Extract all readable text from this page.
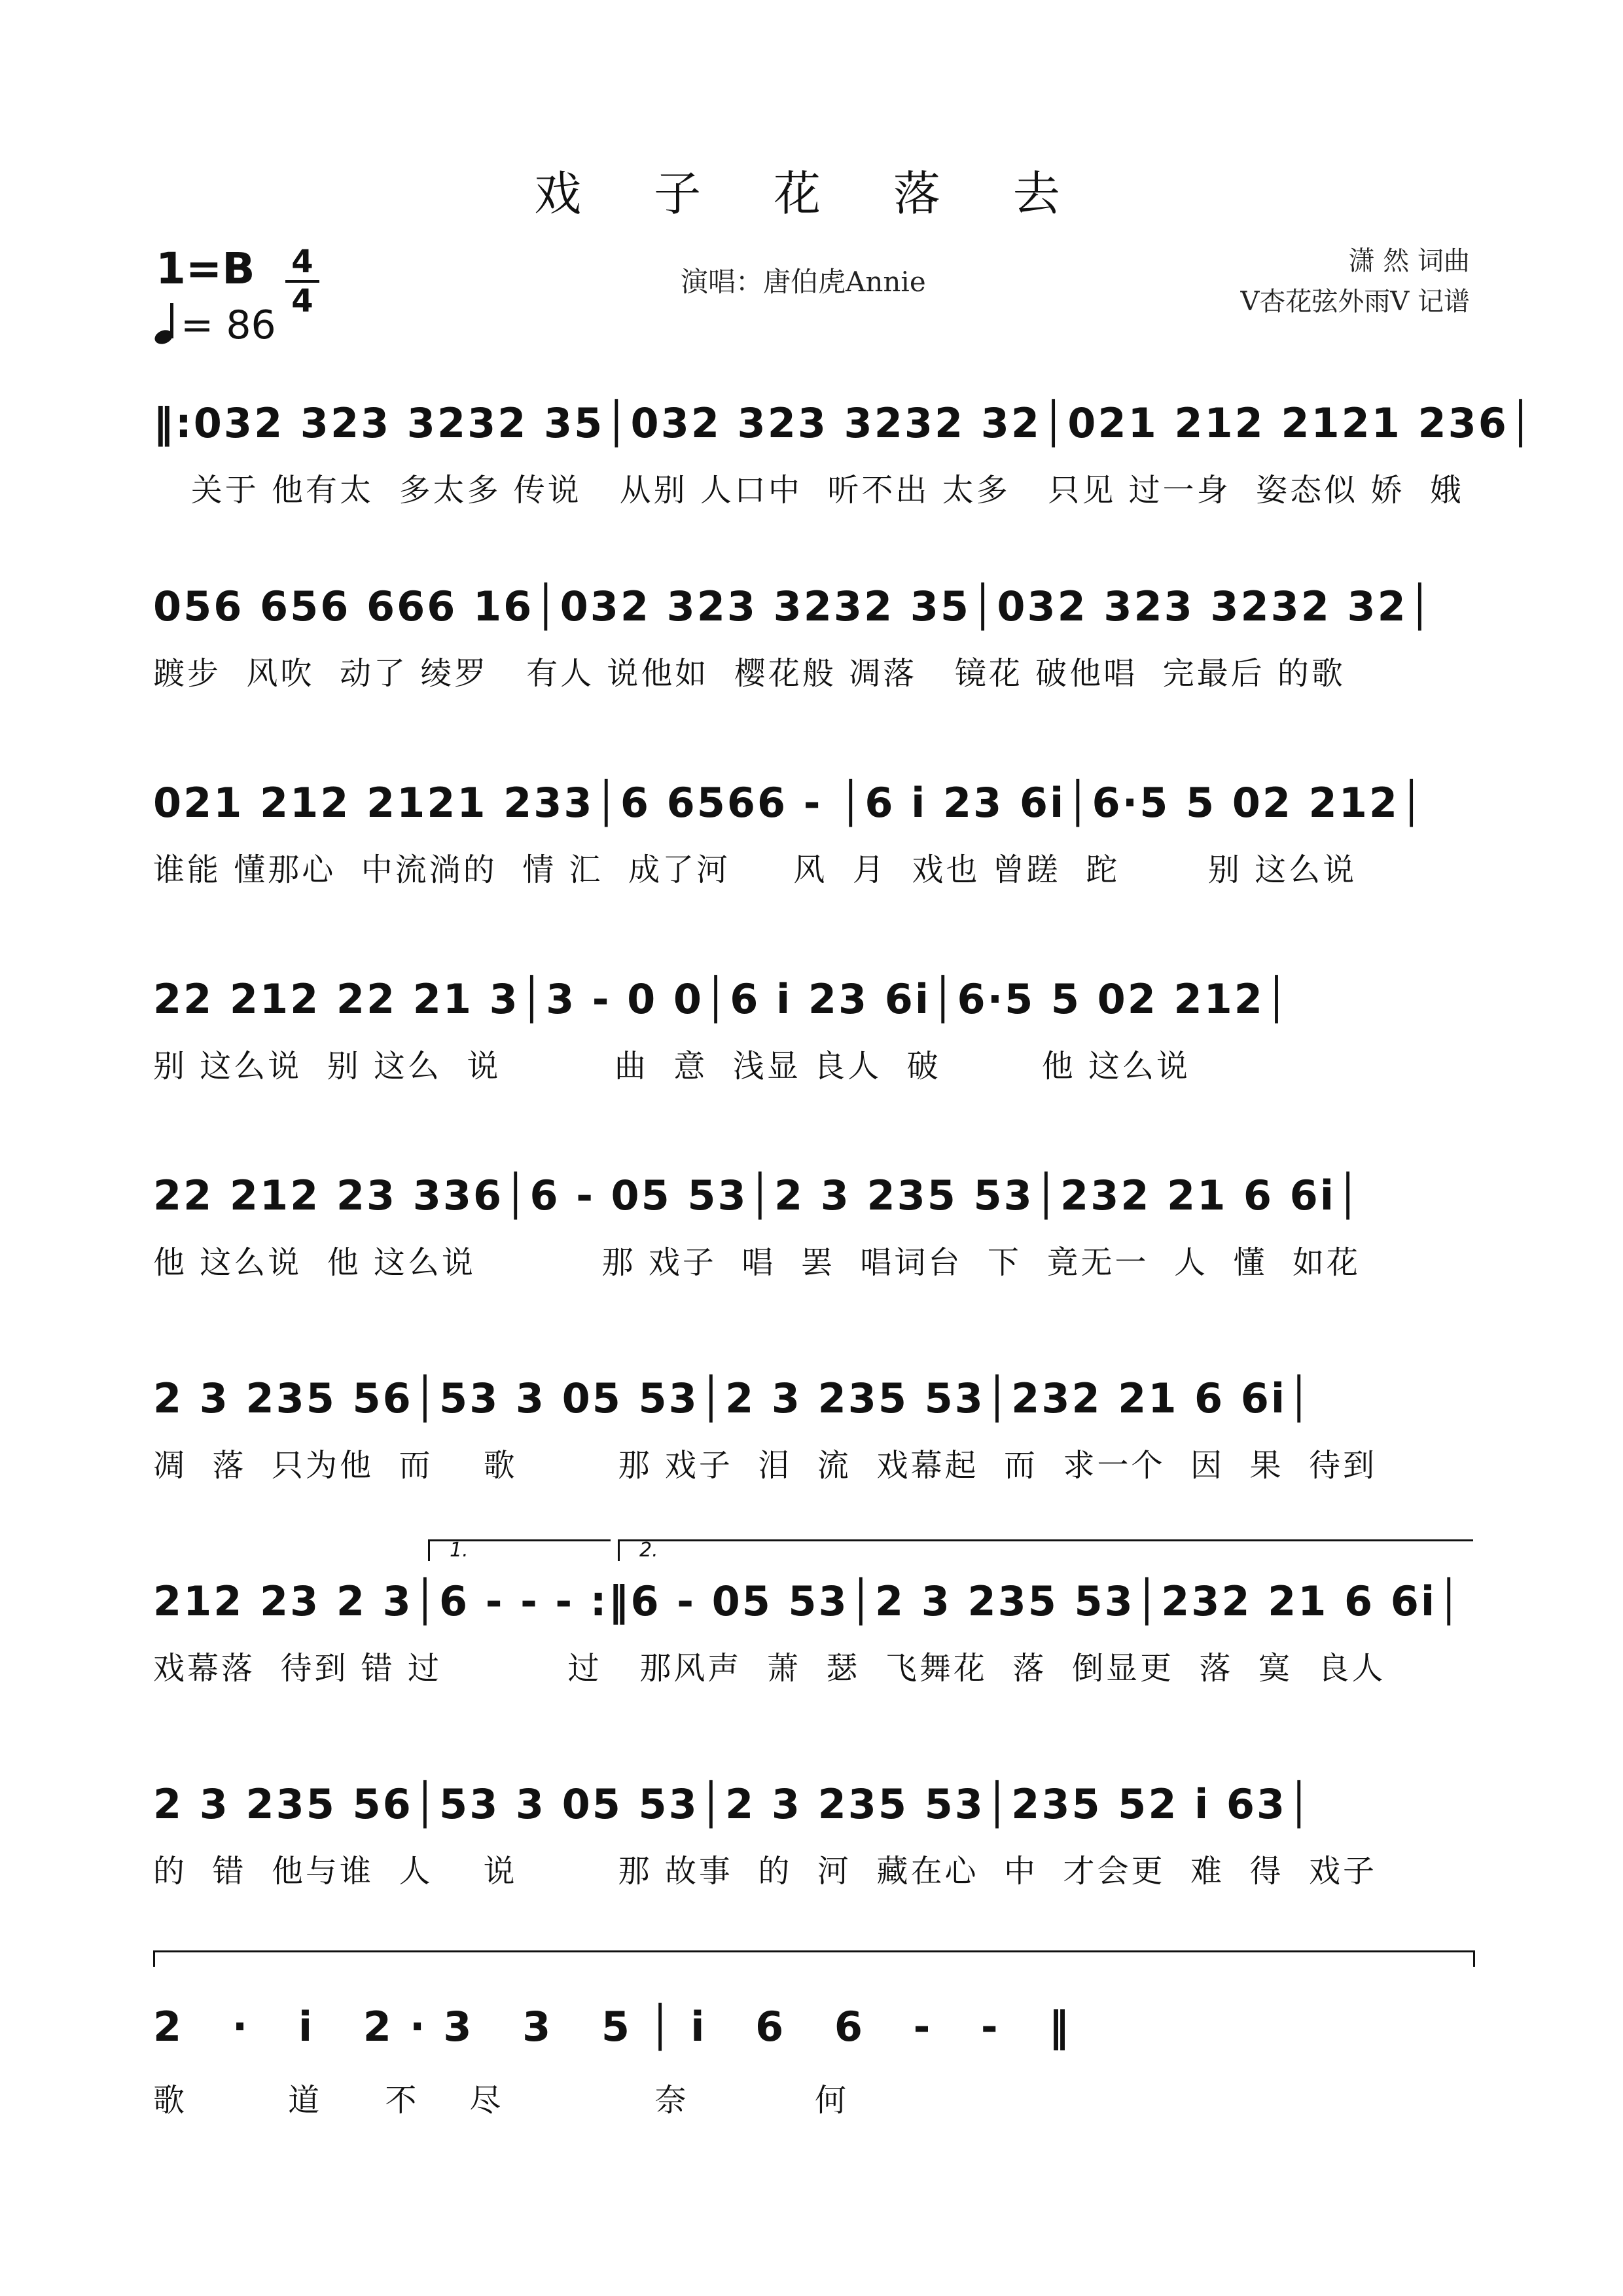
戏 子 花 落 去
1=B 4
4
= 86
演唱：唐伯虎Annie
潇 然 词曲
V杏花弦外雨V 记谱
‖:032 323 3232 35│032 323 3232 32│021 212 2121 236│
关于 他有太  多太多 传说   从别 人口中  听不出 太多   只见 过一身  姿态似 娇  娥
056 656 666 16│032 323 3232 35│032 323 3232 32│
踱步  风吹  动了 绫罗   有人 说他如  樱花般 凋落   镜花 破他唱  完最后 的歌
021 212 2121 233│6 6566 - │6 i 23 6i│6·5 5 02 212│
谁能 懂那心  中流淌的  情 汇  成了河     风  月  戏也 曾蹉  跎       别 这么说
22 212 22 21 3│3 - 0 0│6 i 23 6i│6·5 5 02 212│
别 这么说  别 这么  说         曲  意  浅显 良人  破        他 这么说
22 212 23 336│6 - 05 53│2 3 235 53│232 21 6 6i│
他 这么说  他 这么说          那 戏子  唱  罢  唱词台  下  竟无一  人  懂  如花
2 3 235 56│53 3 05 53│2 3 235 53│232 21 6 6i│
凋  落  只为他  而    歌        那 戏子  泪  流  戏幕起  而  求一个  因  果  待到
1.	2.
212 23 2 3│6 - - - :‖6 - 05 53│2 3 235 53│232 21 6 6i│
戏幕落  待到 错 过          过   那风声  萧  瑟  飞舞花  落  倒显更  落  寞  良人
2 3 235 56│53 3 05 53│2 3 235 53│235 52 i 63│
的  错  他与谁  人    说        那 故事  的  河  藏在心  中  才会更  难  得  戏子
2 · i 2·3 3 5│i 6 6 - - ‖
歌        道     不    尽            奈          何
